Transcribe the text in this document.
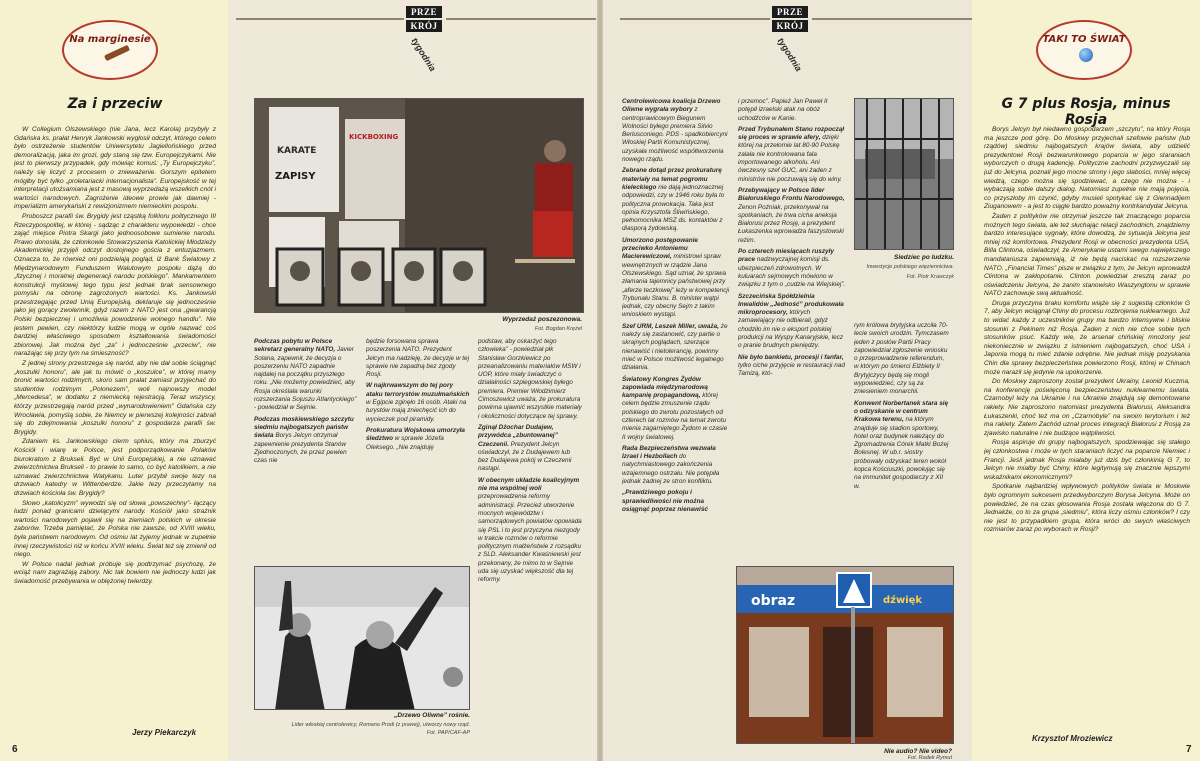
Na marginesie
Za i przeciw

W Collegium Olszewskiego (nie Jana, lecz Karola) przybyły z Gdańska ks. prałat Henryk Jankowski wygłosił odczyt, którego celem było ostrzeżenie studentów Uniwersytetu Jagiellońskiego przed demoralizacją, jaka im grozi, gdy staną się tzw. Europejczykami. Nie jest to pierwszy przypadek, gdy mówiąc komuś: „Ty Europejczyku”, należy się liczyć z procesem o znieważenie. Gorszym epitetem mógłby być tylko „proletariacki internacjonalista”. Europejskość w tej interpretacji utożsamiana jest z masową wyprzedażą wszelkich cnót i wartości narodowych. Zagrożenie ideowe prowie jak dawniej - imperializm amerykański z rewizjonizmem niemieckim pospołu.

Proboszcz parafii św. Brygidy jest cząstką folkloru politycznego III Rzeczypospolitej, w której - sądząc z charakteru wypowiedzi - chce zająć miejsce Piotra Skargi jako jednoosobowe sumienie narodu. Prawo donosiła, że członkowie Stowarzyszenia Katolickiej Młodzieży Akademickiej przyjęli odczyt dostojnego gościa z entuzjazmem. Oznacza to, że również oni podzielają pogląd, iż Bank Światowy z Międzynarodowym Funduszem Walutowym pospołu dążą do „fizycznej i moralnej degeneracji narodu polskiego”. Mankamentem konstrukcji myślowej tego typu jest jednak brak sensownego pomysłu na obronę zagrożonych wartości. Ks. Jankowski przestrzegając przed Unią Europejską, deklaruje się jednocześnie jako jej gorący zwolennik, gdyż razem z NATO jest ona „gwarancją Polski bezpiecznej i umożliwia powodzenie wolnego handlu”. Nie jestem pewien, czy niektórzy ludzie mogą w ogóle nazwać coś bardziej właściwego sposobem kształtowania świadomości zbiorowej. Jak można być „za” i jednocześnie „przeciw”, nie narażając się przy tym na śmieszność?

Z jednej strony przestrzega się naród, aby nie dał sobie ściągnąć „koszulki honoru”, ale jak tu mówić o „koszulce”, w której mamy bronić wartości rodzimych, skoro sam prałat zamiast przyjechać do studentów rodzimym „Polonezem”, woli najnowszy model „Mercedesa”, w dodatku z niemiecką rejestracją. Teraz wszyscy, którzy przestrzegają naród przed „wynarodowieniem” Gdańska czy Wrocławia, pomyślą sobie, że Niemcy w pierwszej kolejności zabrali się do zdejmowania „koszulki honoru” z gospodarza parafii św. Brygidy.

Zdaniem ks. Jankowskiego clerm sphius, który ma zburzyć Kościół i wiarę w Polsce, jest podporządkowanie Polaków biurokratom z Brukseli. Być w Unii Europejskiej, a nie uznawać zwierzchnictwa Brukseli - to prawie to samo, co być katolikiem, a nie uznawać zwierzchnictwa Watykanu. Luter przybił swoje tezy na drzwiach katedry w Wittenberdze. Jakie tezy przeczytamy na drzwiach kościoła św. Brygidy?

Słowo „katolicyzm” wywodzi się od słowa „powszechny”- łączący ludzi ponad granicami dzielącymi narody. Kościół jako strażnik wartości narodowych pojawił się na ziemiach polskich w okresie zaborów. Trzeba pamiętać, że Polska nie zawsze, od XVIII wieku, była państwem narodowym. Od ośmiu lat żyjemy jednak w zupełnie innej rzeczywistości niż w końcu XVIII wieku. Świat też się zmienił od niego.

W Polsce nadal jednak próbuje się podtrzymać psychozę, że wciąż nam zagrażają zabory. Nic tak bowiem nie jednoczy ludzi jak świadomość przebywania w oblężonej twierdzy.

Jerzy Piekarczyk
6
PRZE
KRÓJ
tygodnia
KARATE
KICKBOXING
ZAPISY
Wyprzedaż poszezonowa.
Fot. Bogdan Krężel

Podczas pobytu w Polsce sekretarz generalny NATO, Javier Solana, zapewnił, że decyzja o poszerzeniu NATO zapadnie najdalej na początku przyszłego roku. „Nie możemy powiedzieć, aby Rosja określała warunki rozszerzania Sojuszu Atlantyckiego” - powiedział w Sejmie.

Podczas moskiewskiego szczytu siedmiu najbogatszych państw świata Borys Jelcyn otrzymał zapewnienie prezydenta Stanów Zjednoczonych, że przez pewien czas nie

będzie forsowana sprawa poszerzenia NATO. Prezydent Jelcyn ma nadzieję, że decyzje w tej sprawie nie zapadną bez zgody Rosji.

W najkrwawszym do tej pory ataku terrorystów muzułmańskich w Egipcie zginęło 16 osób. Ataki na turystów mają zniechęcić ich do wycieczek pod piramidy.

Prokuratura Wojskowa umorzyła śledztwo w sprawie Józefa Oleksego. „Nie znajduję

podstaw, aby oskarżyć tego człowieka” - powiedział płk Stanisław Gorzkiewicz po przeanalizowaniu materiałów MSW i UOP, które miały świadczyć o działalności szpiegowskiej byłego premiera. Premier Włodzimierz Cimoszewicz uważa, że prokuratura powinna ujawnić wszystkie materiały i okoliczności dotyczące tej sprawy.

Zginął Dżochar Dudajew, przywódca „zbuntowanej” Czeczenii. Prezydent Jelcyn oświadczył, że z Dudajewem lub bez Dudajewa pokój w Czeczenii nastąpi.

W obecnym układzie koalicyjnym nie ma wspólnej woli przeprowadzenia reformy administracji. Przecież utworzenie mocnych województw i samorządowych powiatów opowiada się PSL i to jest przyczyna niezgody w trakcie rozmów o reformie politycznym małżeństwie z rozsądku z SLD. Aleksander Kwaśniewski jest przekonany, że mimo to w Sejmie uda się uzyskać większość dla tej reformy.

„Drzewo Oliwne” rośnie.
Lider włoskiej centrolewicy, Romano Prodi (z prawej), utworzy nowy rząd.
Fot. PAP/CAF-AP
PRZE
KRÓJ
tygodnia

Centrolewicowa koalicja Drzewo Oliwne wygrała wybory z centroprawicowym Biegunem Wolności byłego premiera Silvio Berlusconiego. PDS - spadkobiercyni Włoskiej Partii Komunistycznej, uzyskała możliwość współtworzenia nowego rządu.

Zebrane dotąd przez prokuraturę materiały na temat pogromu kieleckiego nie dają jednoznacznej odpowiedzi, czy w 1946 roku była to polityczna prowokacja. Taka jest opinia Krzysztofa Śliwińskiego, pełnomocnika MSZ ds. kontaktów z diasporą żydowską.

Umorzono postępowanie przeciwko Antoniemu Macierewiczowi, ministrowi spraw wewnętrznych w rządzie Jana Olszewskiego. Sąd uznał, że sprawa złamania tajemnicy państwowej przy „aferze teczkowej” leży w kompetencji Trybunału Stanu. B. minister wątpi jednak, czy obecny Sejm z takim wnioskiem wystąpi.

Szef URM, Leszek Miller, uważa, że należy się zastanowić, czy partie o skrajnych poglądach, szerzące nienawiść i nietolerancję, powinny mieć w Polsce możliwość legalnego działania.

Światowy Kongres Żydów zapowiada międzynarodową kampanię propagandową, której celem będzie zmuszenie rządu polskiego do zwrotu pozostałych od czterech lat rozmów na temat zwrotu mienia zagarniętego Żydom w czasie II wojny światowej.

Rada Bezpieczeństwa wezwała Izrael i Hezbollach do natychmiastowego zakończenia wzajemnego ostrzału. Nie potępiła jednak żadnej ze stron konfliktu.

„Prawdziwego pokoju i sprawiedliwości nie można osiągnąć poprzez nienawiść

i przemoc”. Papież Jan Paweł II potępił izraelski atak na obóz uchodźców w Kanie.

Przed Trybunałem Stanu rozpoczął się proces w sprawie afery, dzięki której na przełomie lat 80-90 Polskę zalała nie kontrolowana fala importowanego alkoholu. Ani ówczesny szef GUC, ani żaden z ministrów nie poczuwają się do winy.

Przebywający w Polsce lider Białoruskiego Frontu Narodowego, Zenon Poźniak, przekonywał na spotkaniach, że trwa cicha aneksja Białorusi przez Rosję, a prezydent Łukaszenka wprowadza faszystowski reżim.

Po czterech miesiącach ruszyły prace nadzwyczajnej komisji ds. ubezpieczeń zdrowotnych. W kuluarach sejmowych mówiono w związku z tym o „cudzie na Wiejskiej”.

Szczecińska Spółdzielnia Inwalidów „Jedność” produkowała mikroprocesory, których zamawiający nie odbierali, gdyż chodziło im nie o eksport polskiej produkcji na Wyspy Kanaryjskie, lecz o pranie brudnych pieniędzy.

Nie było bankietu, procesji i fanfar, tylko ciche przyjęcie w restauracji nad Tamizą, któ-

rym królowa brytyjska uczciła 70-lecie swoich urodzin. Tymczasem jeden z posłów Partii Pracy zapowiedział zgłoszenie wniosku o przeprowadzenie referendum, w którym po śmierci Elżbiety II Brytyjczycy będą się mogli wypowiedzieć, czy są za zniesieniem monarchii.

Konwent Norbertanek stara się o odzyskanie w centrum Krakowa terenu, na którym znajduje się stadion sportowy, hotel oraz budynek należący do Zgromadzenia Córek Matki Bożej Bolesnej. W ub.r. siostry próbowały odzyskać teren wokół kopca Kościuszki, powołując się na immunitet gospodarczy z XII w.

Siedziec po ludzku.
Inwestycje polskiego więziennictwa.
Fot. Piotr Krawczyk
obraz	dźwięk
Nie audio? Nie video?
Fot. Radek Rymut
TAKI TO ŚWIAT
G 7 plus Rosja, minus Rosja

Borys Jelcyn był niedawno gospodarzem „szczytu”, na który Rosja ma jeszcze pod górę. Do Moskwy przyjechali szefowie państw (lub rządów) siedmiu najbogatszych krajów świata, aby udzielić prezydentowi Rosji bezwarunkowego poparcia w jego staraniach wyborczych o drugą kadencję. Polityczne zachodni przyzwyczaili się już do Jelcyna, poznali jego mocne strony i jego słabości, mniej więcej wiedzą, czego można się spodziewać, a czego nie można - i wybaczają sobie dalszy dialog. Natomiast zupełnie nie mają pojęcia, co przyszłoby im czynić, gdyby musieli spotykać się z Giennadijem Ziuganowem - a jest to ciągle bardzo poważny kontrkandydat Jelcyna.

Żaden z polityków nie otrzymał jeszcze tak znaczącego poparcia możnych tego świata, ale też słuchając relacji zachodnich, znajdziemy bardzo interesujące sygnały, które dowodzą, że sytuacja Jelcyna jest mniej niż komfortowa. Prezydent Rosji w obecności prezydenta USA, Billa Clintona, oświadczył, że Amerykanie ustami swego największego mandatariusza zapewniają, iż nie będą naciskać na rozszerzenie NATO. „Financial Times” pisze w związku z tym, że Jelcyn wprowadził Clintona w zakłopotanie. Clinton powiedział zresztą zaraz po oświadczeniu Jelcyna, że zanim stanowisko Waszyngtonu w sprawie NATO zachowuje swą aktualność.

Druga przyczyna braku komfortu wiąże się z sugestią członków G 7, aby Jelcyn wciągnął Chiny do procesu rozbrojenia nuklearnego. Już to widać każdy z uczestników grupy ma bardzo intensywne i bliskie stosunki z Pekinem niż Rosja. Żaden z nich nie chce sobie tych stosunków psuć. Każdy wie, że arsenał chińskiej mnożony jest niekoniecznie w związku z istnieniem najbogatszych, choć USA i Japonia mogą tu mieć zdanie odrębne. Nie jednak misję pozyskania Chin dla sprawy bezpieczeństwa powierzono Rosji, której w Chinach może naraził się jedynie na upokorzenie.

Do Moskwy zaproszony został prezydent Ukrainy, Leonid Kuczma, na konferencję poświęconą bezpieczeństwu nuklearnemu świata. Czarnobyl leży na Ukrainie i na Ukrainie znajdują się demontowane rakiety. Nie zaproszono natomiast prezydenta Białorusi, Aleksandra Łukaszenki, choć też ma on „Czarnobyle” na swoim terytorium i też ma rakiety. Zatem Zachód uznał proces integracji Białorusi z Rosją za zjawisko naturalne i nie budzące wątpliwości.

Rosja aspiruje do grupy najbogatszych, spodziewając się stałego jej członkostwa i może w tych staraniach liczyć na poparcie Niemiec i Francji. Jeśli jednak Rosja miałaby już dziś być członkinią G 7, to Jelcyn nie miałby być Chiny, które legitymują się znacznie lepszymi wskaźnikami ekonomicznymi?

Spotkanie najbardziej wpływowych polityków świata w Moskwie było ogromnym sukcesem przedwyborczym Borysa Jelcyna. Może on powiedzieć, że na czas głosowania Rosja została włączona do G 7. Jednakże, co to za grupa „siedmiu”, która liczy ośmiu członków? I czy nie jest to przypadkiem grupa, która wróci do swych właściwych rozmiarów zaraz po wyborach w Rosji?

Krzysztof Mroziewicz
7
